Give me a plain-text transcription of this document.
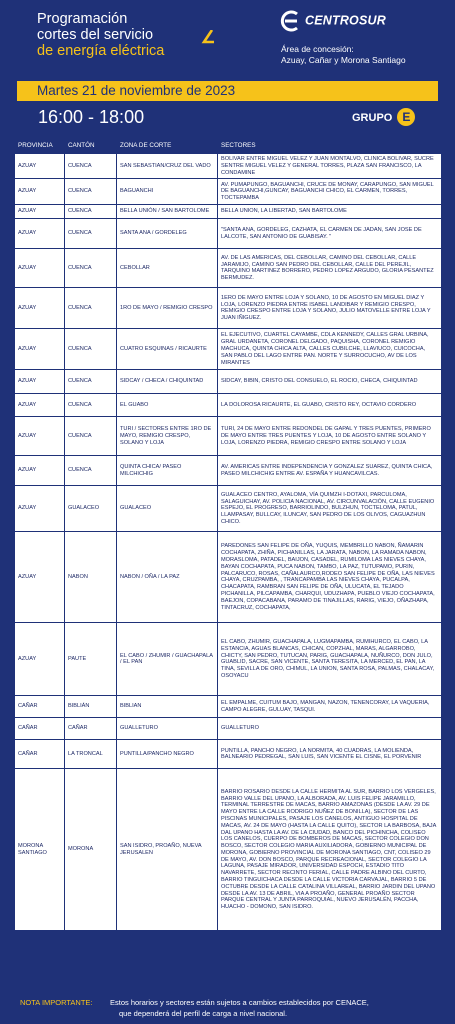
Programación
cortes del servicio
de energía eléctrica
CENTROSUR
Área de concesión:
Azuay, Cañar y Morona Santiago
Martes 21 de noviembre de 2023
16:00 - 18:00	GRUPO E
PROVINCIA	CANTÓN	ZONA DE CORTE	SECTORES
AZUAY	CUENCA	SAN SEBASTIAN/CRUZ DEL VADO	BOLIVAR ENTRE MIGUEL VELEZ Y JUAN MONTALVO, CLINICA BOLIVAR, SUCRE SENTRE MIGUEL VELEZ Y GENERAL TORRES, PLAZA SAN FRANCISCO, LA CONDAMINE
AZUAY	CUENCA	BAGUANCHI	AV. PUMAPUNGO, BAGUANCHI, CRUCE DE MONAY, CARAPUNGO, SAN MIGUEL DE BAGUANCHI,GUNCAY, BAGUANCHI CHICO, EL CARMEN, TORRES, TOCTEPAMBA
AZUAY	CUENCA	BELLA UNIÓN / SAN BARTOLOME	BELLA UNION, LA LIBERTAD, SAN BARTOLOME
AZUAY	CUENCA	SANTA ANA / GORDELEG	"SANTA ANA, GORDELEG, CAZHATA, EL CARMEN DE JADAN, SAN JOSE DE LALCOTE, SAN ANTONIO DE GUABISAY. "
AZUAY	CUENCA	CEBOLLAR	AV. DE LAS AMERICAS, DEL CEBOLLAR, CAMINO DEL CEBOLLAR, CALLE JARAMIJO, CAMINO SAN PEDRO DEL CEBOLLAR, CALLE DEL PEREJIL, TARQUINO MARTINEZ BORRERO, PEDRO LOPEZ ARGUDO, GLORIA PESANTEZ BERMUDEZ.
AZUAY	CUENCA	1RO DE MAYO / REMIGIO CRESPO	1ERO DE MAYO ENTRE LOJA Y SOLANO, 10 DE AGOSTO EN MIGUEL DIAZ Y LOJA, LORENZO PIEDRA ENTRE ISABEL LANDIBAR Y REMIGIO CRESPO, REMIGIO CRESPO ENTRE LOJA Y SOLANO, JULIO MATOVELLE ENTRE LOJA Y JUAN IÑIGUEZ.
AZUAY	CUENCA	CUATRO ESQUINAS / RICAURTE	EL EJECUTIVO, CUARTEL CAYAMBE, CDLA KENNEDY, CALLES GRAL URBINA, GRAL URDANETA, CORONEL DELGADO, PAQUISHA, CORONEL REMIGIO MACHUCA, QUINTA CHICA ALTA, CALLES CUBILCHE, LLAVIUCO, CUICOCHA, SAN PABLO DEL LAGO ENTRE PAN. NORTE Y SURROCUCHO, AV DE LOS MIRANTES
AZUAY	CUENCA	SIDCAY / CHECA / CHIQUINTAD	SIDCAY, BIBIN, CRISTO DEL CONSUELO, EL ROCIO, CHECA, CHIQUINTAD
AZUAY	CUENCA	EL GUABO	LA DOLOROSA RICAURTE, EL GUABO, CRISTO REY, OCTAVIO CORDERO
AZUAY	CUENCA	TURI / SECTORES ENTRE 1RO DE MAYO, REMIGIO CRESPO, SOLANO Y LOJA	TURI, 24 DE MAYO ENTRE REDONDEL DE GAPAL Y TRES PUENTES, PRIMERO DE MAYO ENTRE TRES PUENTES Y LOJA, 10 DE AGOSTO ENTRE SOLANO Y LOJA, LORENZO PIEDRA, REMIGIO CRESPO ENTRE SOLANO Y LOJA
AZUAY	CUENCA	QUINTA CHICA/ PASEO MILCHICHIG	AV. AMERICAS ENTRE INDEPENDENCIA Y GONZALEZ SUAREZ, QUINTA CHICA, PASEO MILCHICHIG ENTRE AV. ESPAÑA Y HUANCAVILCAS.
AZUAY	GUALACEO	GUALACEO	GUALACEO CENTRO, AYALOMA, VÍA QUIMZH I-DOTAXI, PARCULOMA, SALAGUICHAY, AV. POLICIA NACIONAL, AV. CIRCUNVALACIÓN, CALLE EUGENIO ESPEJO, EL PROGRESO, BARRIOLINDO, BULZHUN, TOCTELOMA, PATUL, LLAMPASAY, BULLCAY, ILUNCAY, SAN PEDRO DE LOS OLIVOS, CAGUAZHUN CHICO.
AZUAY	NABON	NABON / OÑA / LA PAZ	PAREDONES SAN FELIPE DE OÑA, YUQUIS, MEMBRILLO NABON, ÑAMARIN COCHAPATA, ZHIÑA, PICHANILLAS, LA JARATA, NABON, LA RAMADA NABON, MORASLOMA, PATADEL, BAIJON, CASADEL, RUMILOMA LAS NIEVES CHAYA, BAYAN COCHAPATA, PUCA NABON, TAMBO, LA PAZ, TUTUPAMO, PURIN, PALCARUCO, ROSAS, CAÑALAURCO,RODEO SAN FELIPE DE OÑA, LAS NIEVES CHAYA, CRUZPAMBA, , TRANCAPAMBA LAS NIEVES CHAYA, PUCALPA, CHACAPATA, RAMBRAN SAN FELIPE DE OÑA, ULUCATA, EL TEJADO PICHANILLA, PILCAPAMBA, CHARQUI, UDUZHAPA, PUEBLO VIEJO COCHAPATA, BAEJON, COPACABANA, PARAMO DE TINAJILLAS, RARIG, VIEJO, OÑAZHAPA, TINTACRUZ, COCHAPATA,
AZUAY	PAUTE	EL CABO / ZHUMIR / GUACHAPALA / EL PAN	EL CABO, ZHUMIR, GUACHAPALA, LUGMAPAMBA, RUMIHURCO, EL CABO, LA ESTANCIA, AGUAS BLANCAS, CHICAN, COPZHAL, MARAS, ALGARROBO, CHICTY, SAN PEDRO, TUTUCAN, PARIG, GUACHAPALA, NUÑURCO, DON JULO, GUABLID, SACRE, SAN VICENTE, SANTA TERESITA, LA MERCED, EL PAN, LA TINA, SEVILLA DE ORO, CHIMUL, LA UNION, SANTA ROSA, PALMAS, CHALACAY, OSOYACU
CAÑAR	BIBLIÁN	BIBLIAN	EL EMPALME, CUITUM BAJO, MANGAN, NAZON, TENENCORAY, LA VAQUERIA, CAMPO ALEGRE, GULUAY, TASQUI.
CAÑAR	CAÑAR	GUALLETURO	GUALLETURO
CAÑAR	LA TRONCAL	PUNTILLA/PANCHO NEGRO	PUNTILLA, PANCHO NEGRO, LA NORMITA, 40 CUADRAS, LA MOLIENDA, BALNEARIO PEDREGAL, SAN LUIS, SAN VICENTE EL CISNE, EL PORVENIR
MORONA SANTIAGO	MORONA	SAN ISIDRO, PROAÑO, NUEVA JERUSALEN	BARRIO ROSARIO DESDE LA CALLE HERMITA AL SUR, BARRIO LOS VERGELES, BARRIO VALLE DEL UPANO, LA ALBORADA, AV. LUIS FELIPE JARAMILLO, TERMINAL TERRESTRE DE MACAS, BARRIO AMAZONAS (DESDE LA AV. 29 DE MAYO ENTRE LA CALLE RODRIGO NUÑEZ DE BONILLA), SECTOR DE LAS PISCINAS MUNICIPALES, PASAJE LOS CANELOS, ANTIGUO HOSPITAL DE MACAS, AV. 24 DE MAYO (HASTA LA CALLE QUITO), SECTOR LA BARBOSA, BAJA DAL UPANO HASTA LA AV. DE LA CIUDAD, BANCO DEL PICHINCHA, COLISEO LOS CANELOS, CUERPO DE BOMBEROS DE MACAS, SECTOR COLEGIO DON BOSCO, SECTOR COLEGIO MARIA AUXILIADORA, GOBIERNO MUNICIPAL DE MORONA, GOBIERNO PROVINCIAL DE MORONA SANTIAGO, CNT, COLISEO 29 DE MAYO, AV. DON BOSCO, PARQUE RECREACIONAL, SECTOR COLEGIO LA LAGUNA, PASAJE MIRADOR, UNIVERSIDAD ESPOCH, ESTADIO TITO NAVARRETE, SECTOR RECINTO FERIAL, CALLE PADRE ALBINO DEL CURTO, BARRIO TINGUICHACA DESDE LA CALLE VICTORIA CARVAJAL, BARRIO 5 DE OCTUBRE DESDE LA CALLE CATALINA VILLAREAL, BARRIO JARDIN DEL UPANO DESDE LA AV. 13 DE ABRIL, VIA A PROAÑO, GENERAL PROAÑO SECTOR PARQUE CENTRAL Y JUNTA PARROQUIAL, NUEVO JERUSALÉN, PACCHA, HUACHO - DOMONO, SAN ISIDRO.
NOTA IMPORTANTE: Estos horarios y sectores están sujetos a cambios establecidos por CENACE,
que dependerá del perfil de carga a nivel nacional.
